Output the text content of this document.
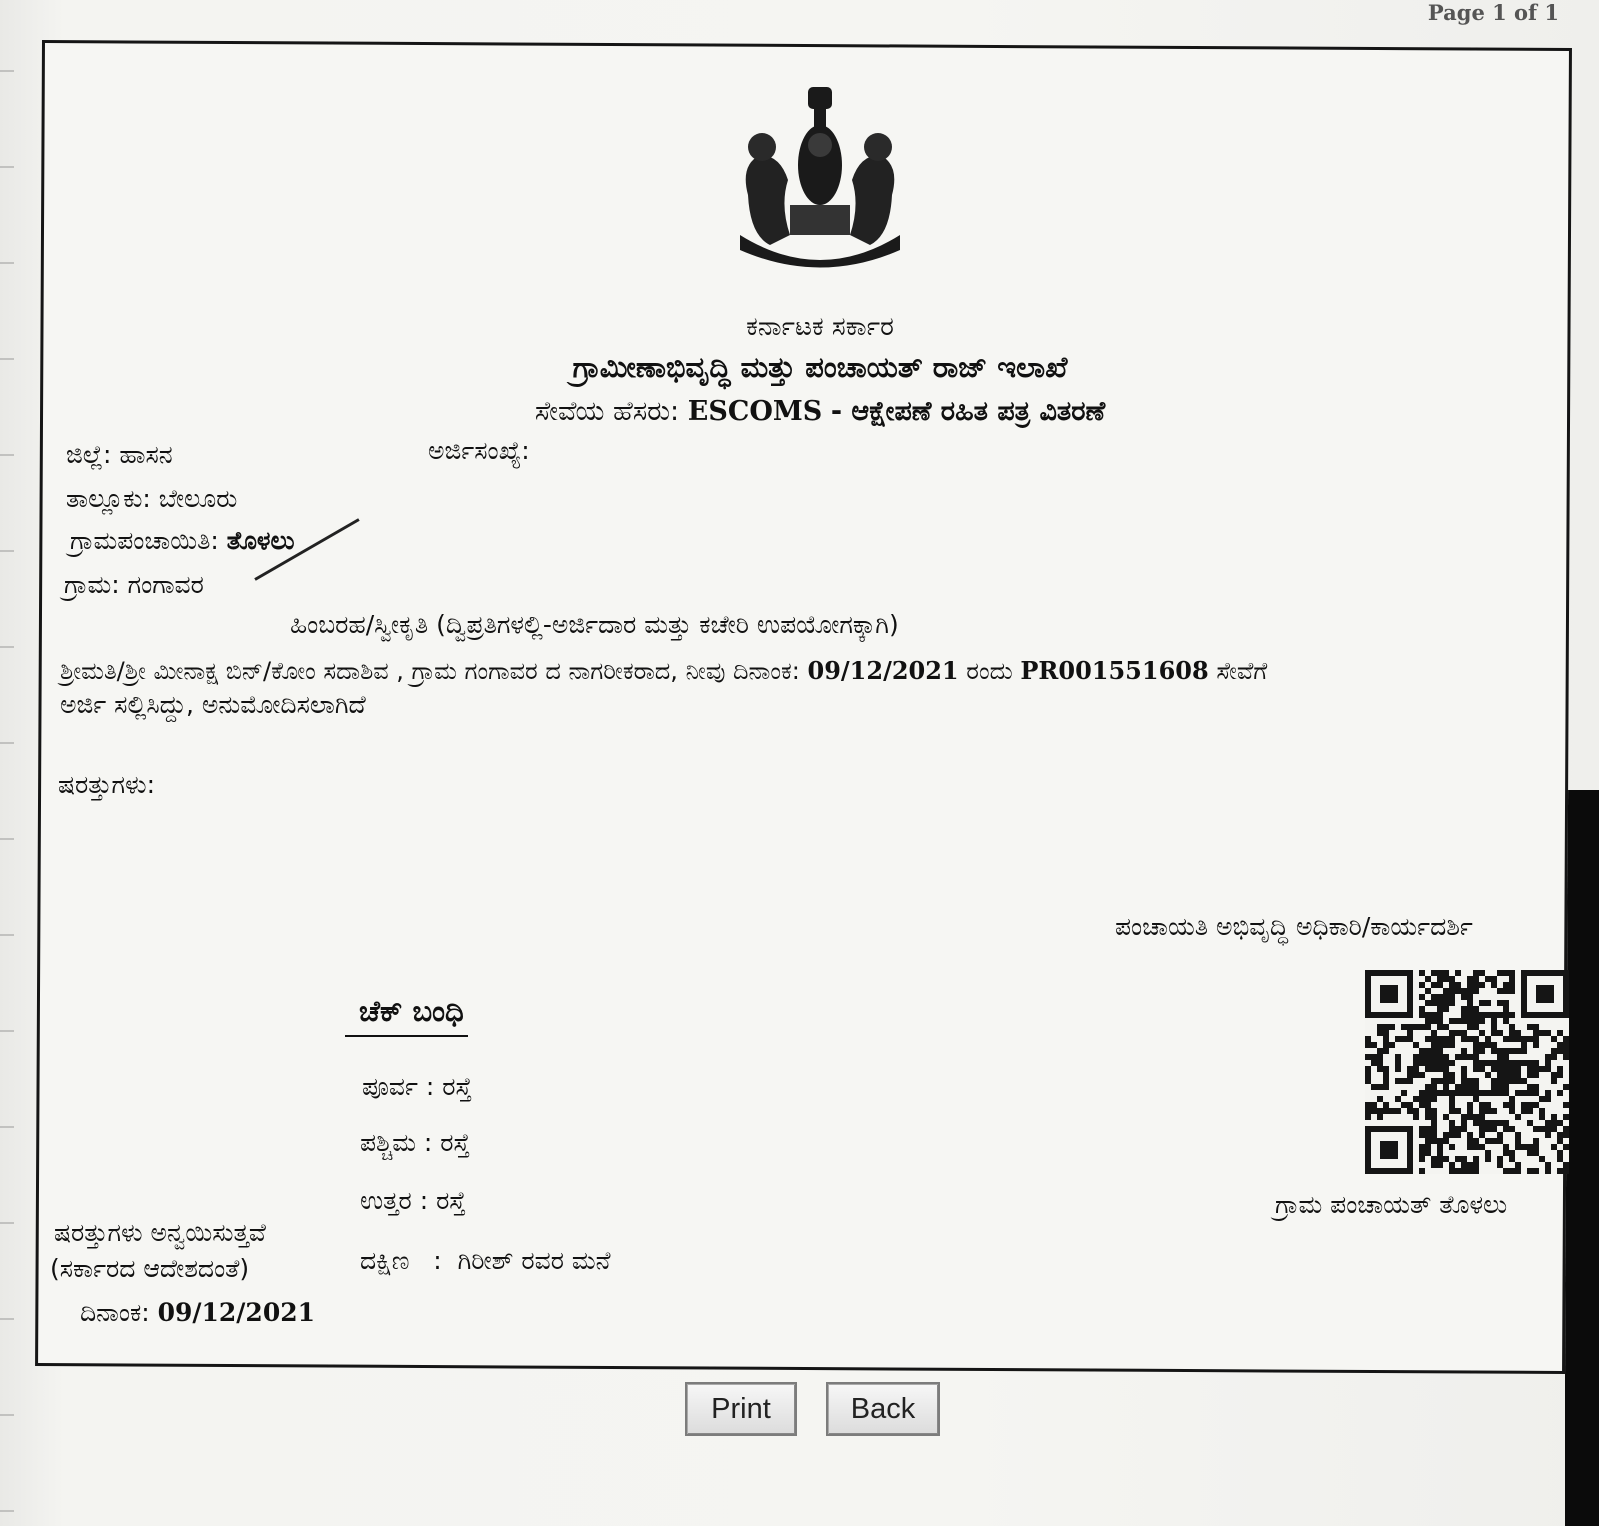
Page 1 of 1
ಕರ್ನಾಟಕ ಸರ್ಕಾರ
ಗ್ರಾಮೀಣಾಭಿವೃದ್ಧಿ ಮತ್ತು ಪಂಚಾಯತ್ ರಾಜ್ ಇಲಾಖೆ
ಸೇವೆಯ ಹೆಸರು: ESCOMS - ಆಕ್ಷೇಪಣೆ ರಹಿತ ಪತ್ರ ವಿತರಣೆ
ಅರ್ಜಿಸಂಖ್ಯೆ:
ಜಿಲ್ಲೆ: ಹಾಸನ
ತಾಲ್ಲೂಕು: ಬೇಲೂರು
ಗ್ರಾಮಪಂಚಾಯಿತಿ: ತೊಳಲು
ಗ್ರಾಮ: ಗಂಗಾವರ
ಹಿಂಬರಹ/ಸ್ವೀಕೃತಿ (ದ್ವಿಪ್ರತಿಗಳಲ್ಲಿ-ಅರ್ಜಿದಾರ ಮತ್ತು ಕಚೇರಿ ಉಪಯೋಗಕ್ಕಾಗಿ)
ಶ್ರೀಮತಿ/ಶ್ರೀ ಮೀನಾಕ್ಷ ಬಿನ್/ಕೋಂ ಸದಾಶಿವ , ಗ್ರಾಮ ಗಂಗಾವರ ದ ನಾಗರೀಕರಾದ, ನೀವು ದಿನಾಂಕ: 09/12/2021 ರಂದು PR001551608 ಸೇವೆಗೆ
ಅರ್ಜಿ ಸಲ್ಲಿಸಿದ್ದು, ಅನುಮೋದಿಸಲಾಗಿದೆ
ಷರತ್ತುಗಳು:
ಪಂಚಾಯತಿ ಅಭಿವೃದ್ಧಿ ಅಧಿಕಾರಿ/ಕಾರ್ಯದರ್ಶಿ
ಗ್ರಾಮ ಪಂಚಾಯತ್ ತೊಳಲು
ಚೆಕ್ ಬಂಧಿ
ಪೂರ್ವ : ರಸ್ತೆ
ಪಶ್ಚಿಮ : ರಸ್ತೆ
ಉತ್ತರ : ರಸ್ತೆ
ದಕ್ಷಿಣ   :  ಗಿರೀಶ್ ರವರ ಮನೆ
ಷರತ್ತುಗಳು ಅನ್ವಯಿಸುತ್ತವೆ
(ಸರ್ಕಾರದ ಆದೇಶದಂತೆ)
ದಿನಾಂಕ: 09/12/2021
Print	Back
